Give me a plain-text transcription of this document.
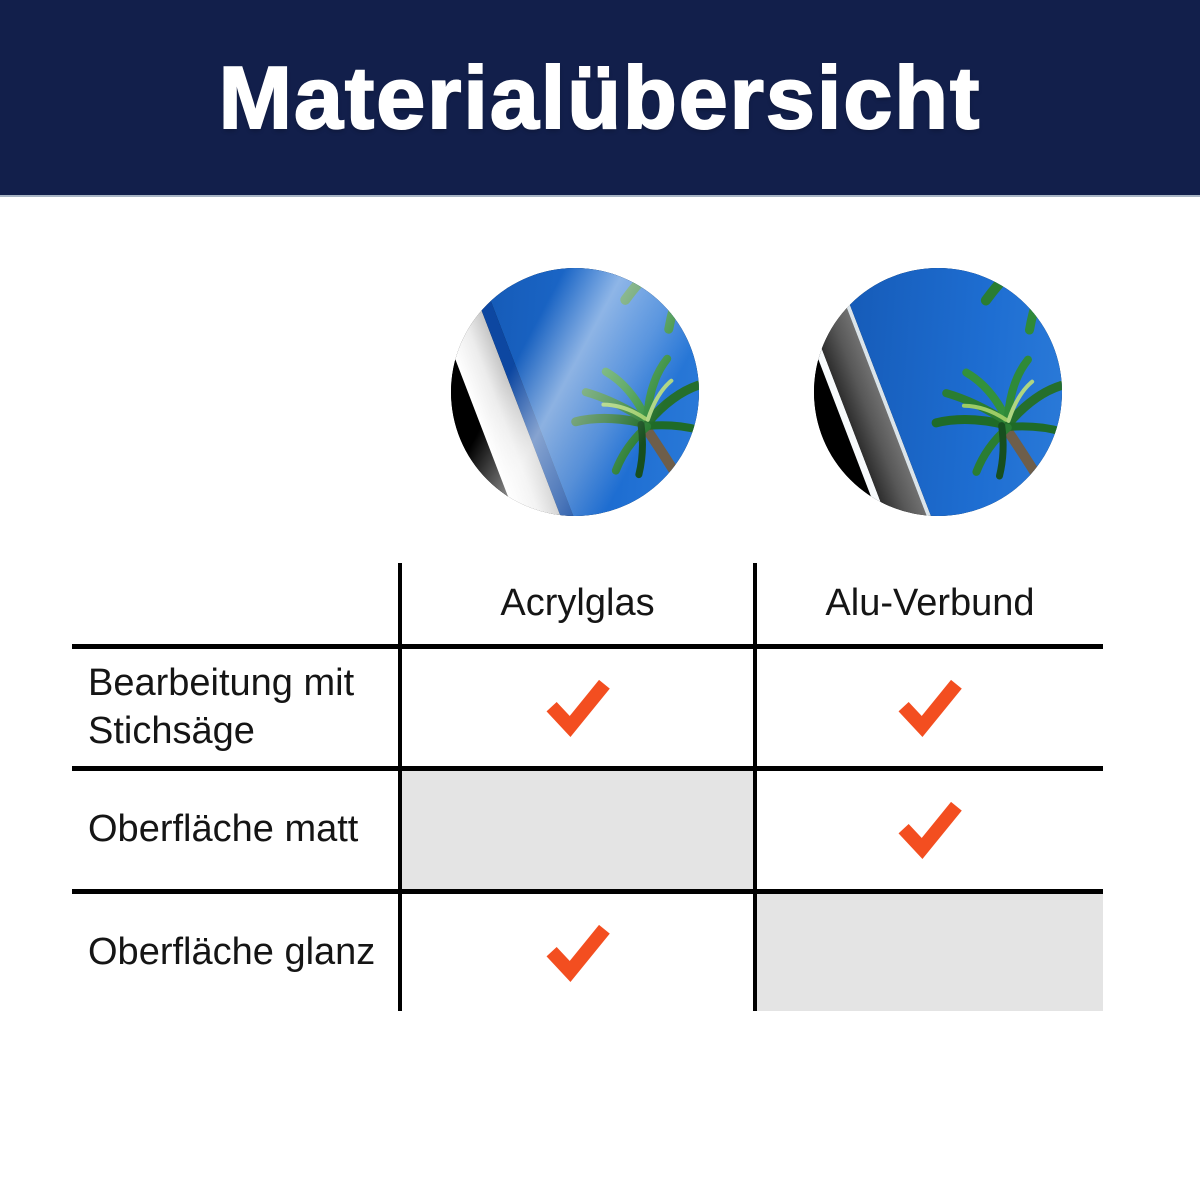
Materialübersicht
Acrylglas	Alu-Verbund
Bearbeitung mit Stichsäge
Oberfläche matt
Oberfläche glanz
